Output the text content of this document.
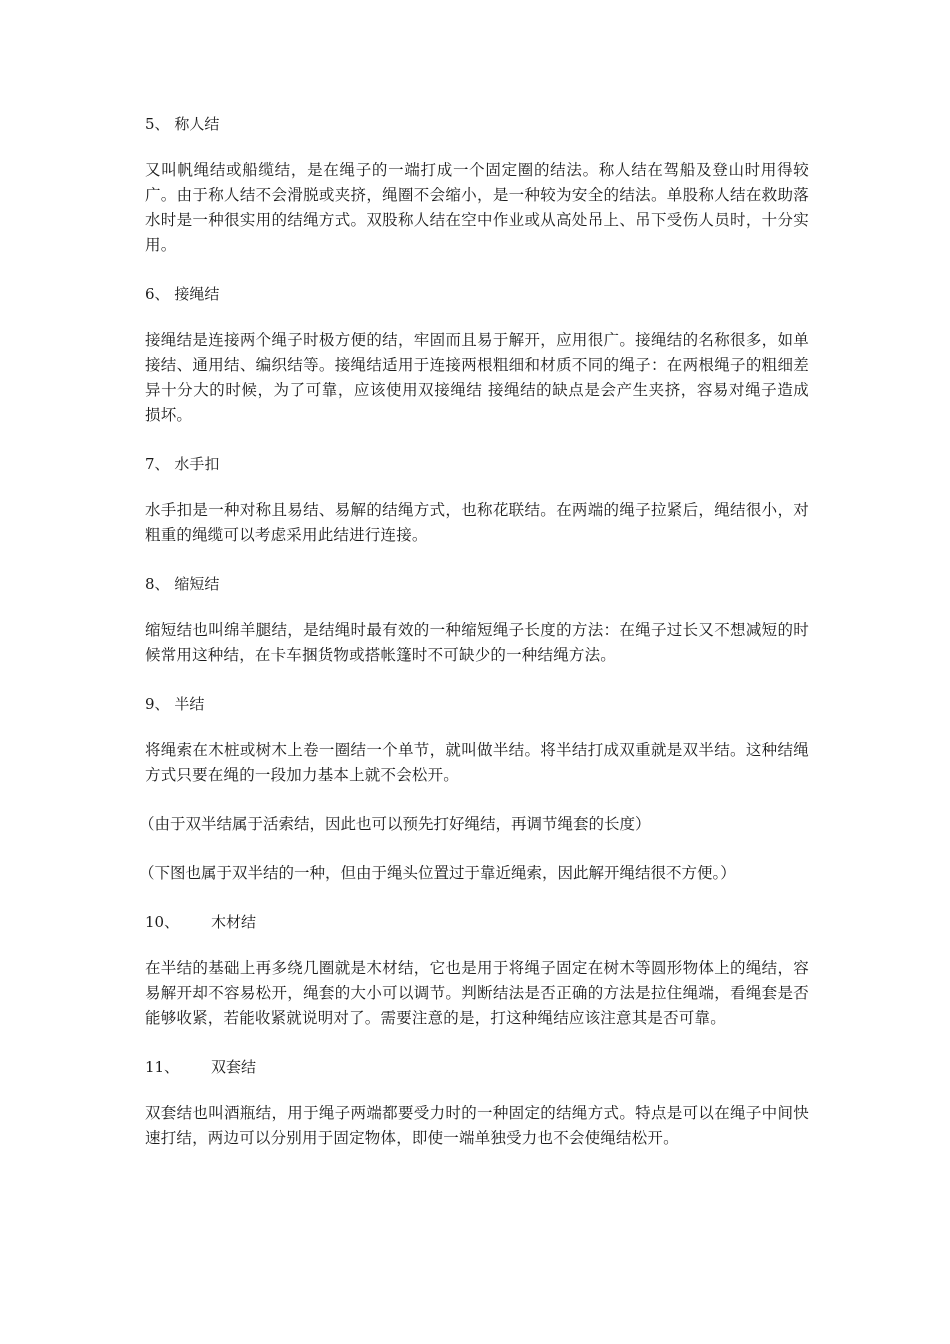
5、 称人结

又叫帆绳结或船缆结，是在绳子的一端打成一个固定圈的结法。称人结在驾船及登山时用得较广。由于称人结不会滑脱或夹挤，绳圈不会缩小，是一种较为安全的结法。单股称人结在救助落水时是一种很实用的结绳方式。双股称人结在空中作业或从高处吊上、吊下受伤人员时，十分实用。

6、 接绳结

接绳结是连接两个绳子时极方便的结，牢固而且易于解开，应用很广。接绳结的名称很多，如单接结、通用结、编织结等。接绳结适用于连接两根粗细和材质不同的绳子：在两根绳子的粗细差异十分大的时候，为了可靠，应该使用双接绳结 接绳结的缺点是会产生夹挤，容易对绳子造成损坏。

7、 水手扣

水手扣是一种对称且易结、易解的结绳方式，也称花联结。在两端的绳子拉紧后，绳结很小，对粗重的绳缆可以考虑采用此结进行连接。

8、 缩短结

缩短结也叫绵羊腿结，是结绳时最有效的一种缩短绳子长度的方法：在绳子过长又不想减短的时候常用这种结，在卡车捆货物或搭帐篷时不可缺少的一种结绳方法。

9、 半结

将绳索在木桩或树木上卷一圈结一个单节，就叫做半结。将半结打成双重就是双半结。这种结绳方式只要在绳的一段加力基本上就不会松开。

（由于双半结属于活索结，因此也可以预先打好绳结，再调节绳套的长度）

（下图也属于双半结的一种，但由于绳头位置过于靠近绳索，因此解开绳结很不方便。）

10、 木材结

在半结的基础上再多绕几圈就是木材结，它也是用于将绳子固定在树木等圆形物体上的绳结，容易解开却不容易松开，绳套的大小可以调节。判断结法是否正确的方法是拉住绳端，看绳套是否能够收紧，若能收紧就说明对了。需要注意的是，打这种绳结应该注意其是否可靠。

11、 双套结

双套结也叫酒瓶结，用于绳子两端都要受力时的一种固定的结绳方式。特点是可以在绳子中间快速打结，两边可以分别用于固定物体，即使一端单独受力也不会使绳结松开。
